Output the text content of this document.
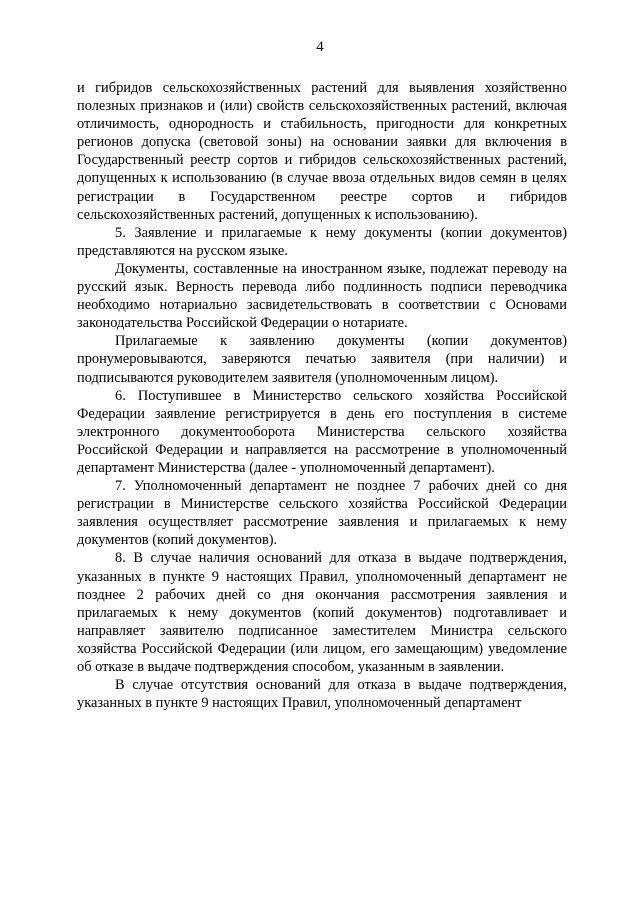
4

и гибридов сельскохозяйственных растений для выявления хозяйственно полезных признаков и (или) свойств сельскохозяйственных растений, включая отличимость, однородность и стабильность, пригодности для конкретных регионов допуска (световой зоны) на основании заявки для включения в Государственный реестр сортов и гибридов сельскохозяйственных растений, допущенных к использованию (в случае ввоза отдельных видов семян в целях регистрации в Государственном реестре сортов и гибридов сельскохозяйственных растений, допущенных к использованию).

5. Заявление и прилагаемые к нему документы (копии документов) представляются на русском языке.

Документы, составленные на иностранном языке, подлежат переводу на русский язык. Верность перевода либо подлинность подписи переводчика необходимо нотариально засвидетельствовать в соответствии с Основами законодательства Российской Федерации о нотариате.

Прилагаемые к заявлению документы (копии документов) пронумеровываются, заверяются печатью заявителя (при наличии) и подписываются руководителем заявителя (уполномоченным лицом).

6. Поступившее в Министерство сельского хозяйства Российской Федерации заявление регистрируется в день его поступления в системе электронного документооборота Министерства сельского хозяйства Российской Федерации и направляется на рассмотрение в уполномоченный департамент Министерства (далее - уполномоченный департамент).

7. Уполномоченный департамент не позднее 7 рабочих дней со дня регистрации в Министерстве сельского хозяйства Российской Федерации заявления осуществляет рассмотрение заявления и прилагаемых к нему документов (копий документов).

8. В случае наличия оснований для отказа в выдаче подтверждения, указанных в пункте 9 настоящих Правил, уполномоченный департамент не позднее 2 рабочих дней со дня окончания рассмотрения заявления и прилагаемых к нему документов (копий документов) подготавливает и направляет заявителю подписанное заместителем Министра сельского хозяйства Российской Федерации (или лицом, его замещающим) уведомление об отказе в выдаче подтверждения способом, указанным в заявлении.

В случае отсутствия оснований для отказа в выдаче подтверждения, указанных в пункте 9 настоящих Правил, уполномоченный департамент
